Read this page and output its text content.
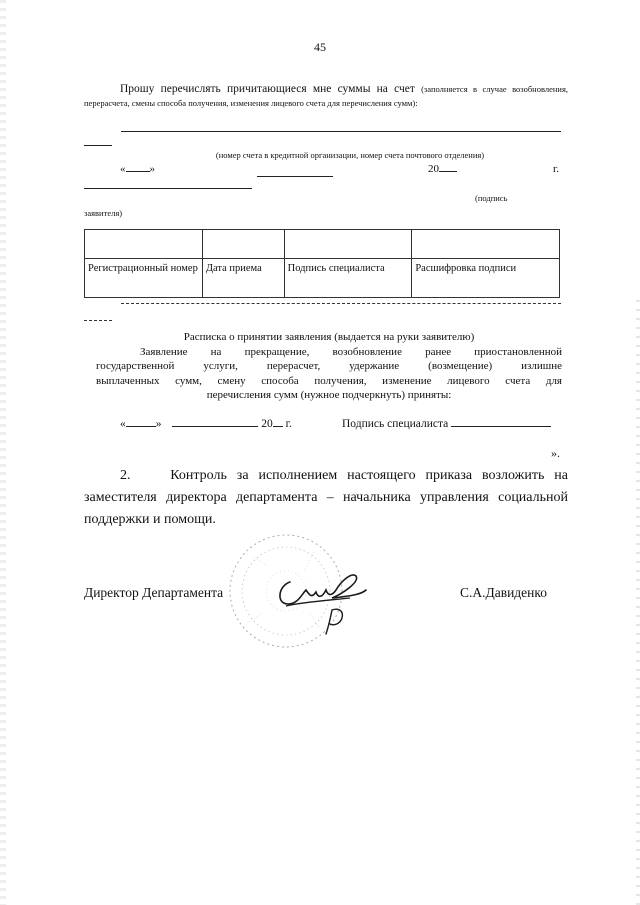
45
Прошу перечислять причитающиеся мне суммы на счет (заполняется в случае возобновления, перерасчета, смены способа получения, изменения лицевого счета для перечисления сумм):
(номер счета в кредитной организации, номер счета почтового отделения)
« »	20	г.
(подпись
заявителя)

Регистрационный номер	Дата приема	Подпись специалиста	Расшифровка подписи
Расписка о принятии заявления (выдается на руки заявителю)
Заявление на прекращение, возобновление ранее приостановленной
государственной услуги, перерасчет, удержание (возмещение) излишне
выплаченных сумм, смену способа получения, изменение лицевого счета для
перечисления сумм (нужное подчеркнуть) приняты:
«	»	20 г.	Подпись специалиста
».
2.	Контроль за исполнением настоящего приказа возложить на заместителя директора департамента – начальника управления социальной поддержки и помощи.
Директор Департамента	С.А.Давиденко
